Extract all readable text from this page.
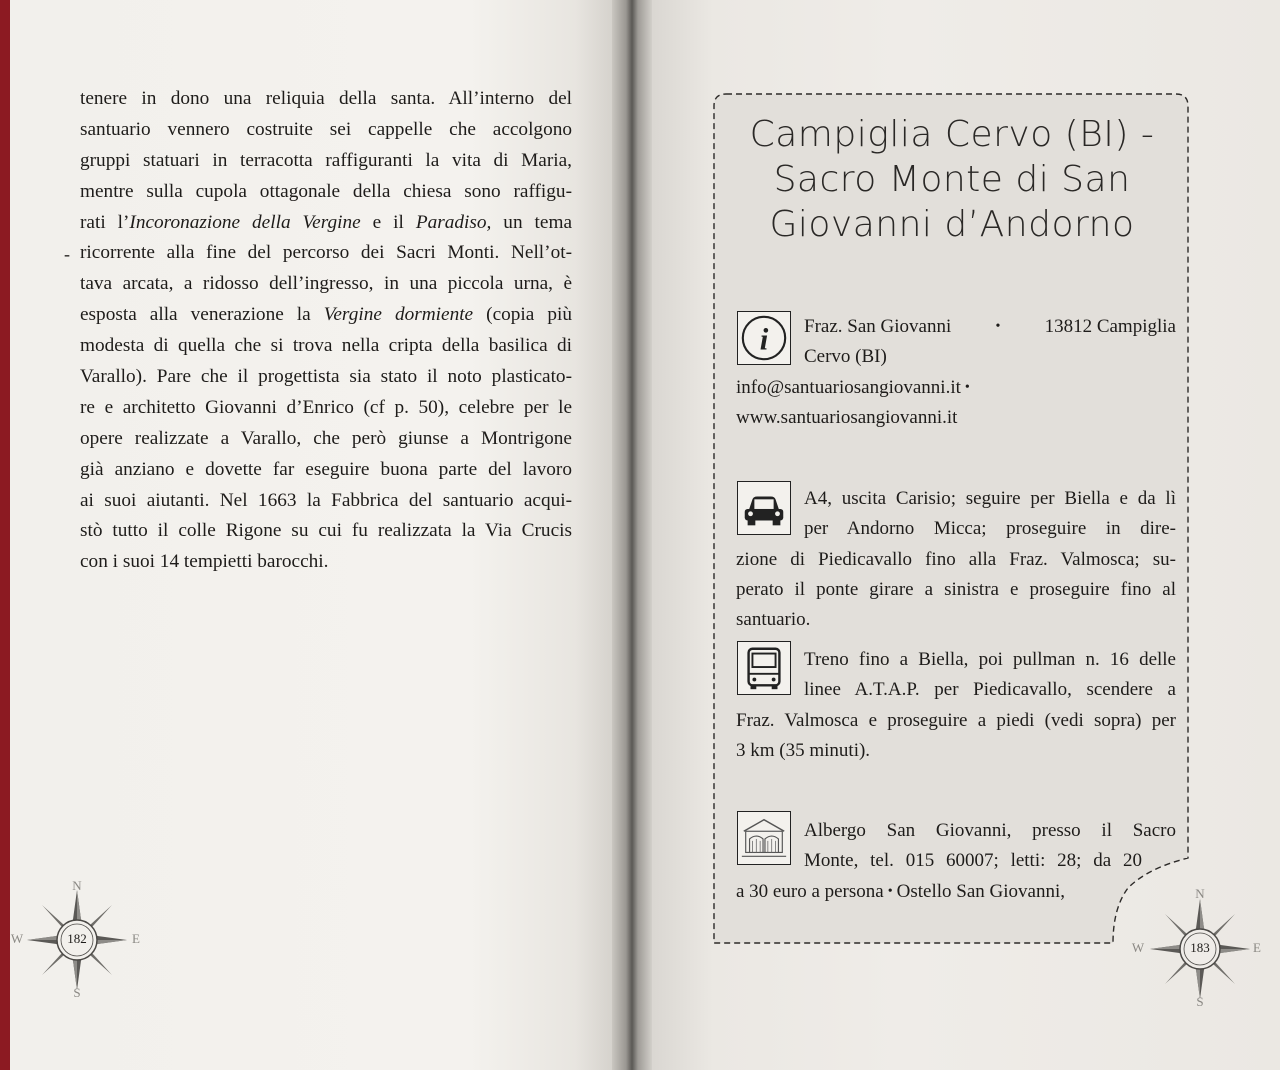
-
tenere in dono una reliquia della santa. All’interno del
santuario vennero costruite sei cappelle che accolgono
gruppi statuari in terracotta raffiguranti la vita di Maria,
mentre sulla cupola ottagonale della chiesa sono raffigu-
rati l’Incoronazione della Vergine e il Paradiso, un tema
ricorrente alla fine del percorso dei Sacri Monti. Nell’ot-
tava arcata, a ridosso dell’ingresso, in una piccola urna, è
esposta alla venerazione la Vergine dormiente (copia più
modesta di quella che si trova nella cripta della basilica di
Varallo). Pare che il progettista sia stato il noto plasticato-
re e architetto Giovanni d’Enrico (cf p. 50), celebre per le
opere realizzate a Varallo, che però giunse a Montrigone
già anziano e dovette far eseguire buona parte del lavoro
ai suoi aiutanti. Nel 1663 la Fabbrica del santuario acqui-
stò tutto il colle Rigone su cui fu realizzata la Via Crucis
con i suoi 14 tempietti barocchi.
182
N
W	E
S
Campiglia Cervo (BI) -
Sacro Monte di San
Giovanni d’Andorno
i Fraz. San Giovanni	• 13812 Campiglia
Cervo (BI)
info@santuariosangiovanni.it •
www.santuariosangiovanni.it
A4, uscita Carisio; seguire per Biella e da lì
per Andorno Micca; proseguire in dire-
zione di Piedicavallo fino alla Fraz. Valmosca; su-
perato il ponte girare a sinistra e proseguire fino al
santuario.
Treno fino a Biella, poi pullman n. 16 delle
linee A.T.A.P. per Piedicavallo, scendere a
Fraz. Valmosca e proseguire a piedi (vedi sopra) per
3 km (35 minuti).
Albergo San Giovanni, presso il Sacro
Monte, tel. 015 60007; letti: 28; da 20
a 30 euro a persona • Ostello San Giovanni,
183
N
W	E
S
